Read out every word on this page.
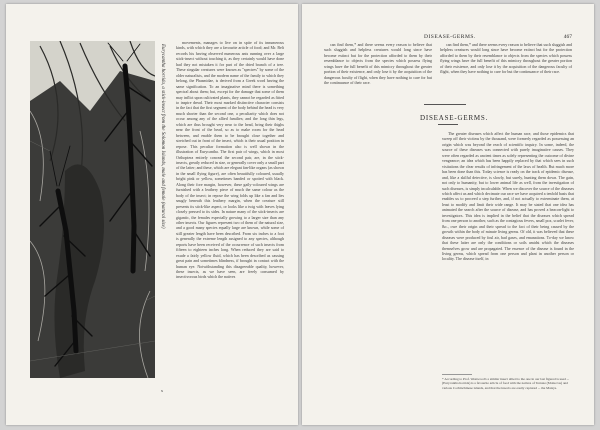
Eurycantha horrida, a stick-insect from the Solomon Islands, male and female (natural size)
x

movements, manages to live on in spite of its innumerous kinds, with which they are a favourite article of food; and Mr. Belt records his having observed numerous ants running over a large stick-insect without touching it, as they certainly would have done had they not mistaken it for part of the dried branch of a tree. These singular creatures were known as "spectres" by some of the older naturalists, and the modern name of the family to which they belong, the Phasmidae, is derived from a Greek word having the same signification. To an imaginative mind there is something spectral about them; but, except for the damage that some of them may inflict upon cultivated plants, they cannot be regarded as fitted to inspire dread. Their most marked distinctive character consists in the fact that the first segment of the body behind the head is very much shorter than the second one, a peculiarity which does not occur among any of the allied families; and the long thin legs, which are thus brought very near to the head, bring their thighs near the front of the head, so as to make room for the head between, and enable them to be brought close together and stretched out in front of the insect, which is their usual position in repose. This peculiar formation also is well shown in the illustration of Eurycantha. The first pair of wings, which in most Orthoptera entirely conceal the second pair, are, in the stick-insects, greatly reduced in size, or generally cover only a small part of the latter; and these, which are elegant fan-like organs (as shown in the small flying figure), are often beautifully coloured, usually bright pink or yellow, sometimes banded or spotted with black. Along their fore margin, however, these gaily-coloured wings are furnished with a leathery piece of much the same colour as the body of the insect; in repose the wing folds up like a fan and lies snugly beneath this leathery margin, when the creature still presents its stick-like aspect, or looks like a twig with leaves lying closely pressed to its sides. In nature many of the stick-insects are gigantic, the females especially growing to a larger size than any other insects. Our figures represent two of them of the natural size, and a good many species equally large are known, while some of still greater length have been described. From six inches to a foot is generally the extreme length assigned to any species, although reports have been received of the occurrence of such insects from fifteen to eighteen inches long. When reduced they are said to exude a fairly yellow fluid, which has been described as causing great pain and sometimes blindness, if brought in contact with the human eye. Notwithstanding this disagreeable quality, however, these insects, as we have seen, are freely consumed by insectivorous birds which the natives

DISEASE-GERMS.	467

can find them,* and there seems every reason to believe that such sluggish and helpless creatures would long since have become extinct but for the protection afforded to them by their resemblance to objects from the species which possess flying wings have the full benefit of this mimicry throughout the greater portion of their existence, and only lose it by the acquisition of the dangerous faculty of flight, when they have nothing to care for but the continuance of their race.

DISEASE-GERMS.

can find them,* and there seems every reason to believe that such sluggish and helpless creatures would long since have become extinct but for the protection afforded to them by their resemblance to objects from the species which possess flying wings have the full benefit of this mimicry throughout the greater portion of their existence, and only lose it by the acquisition of the dangerous faculty of flight, when they have nothing to care for but the continuance of their race.

The greater diseases which affect the human race, and those epidemics that sweep off their victims by the thousand, were formerly regarded as possessing an origin which was beyond the reach of scientific inquiry. In some, indeed, the source of these diseases was connected with purely imaginative causes. They were often regarded as ancient times as solely representing the outcome of divine vengeance; an idea which has been happily replaced by that which sees in such visitations the clear results of infringement of the laws of health. But much more has been done than this. Today science is ready on the track of epidemic disease, and, like a skilful detective, is slowly, but surely, hunting them down. The gain, not only to humanity, but to lower animal life as well, from the investigation of such diseases, is simply incalculable. When we discover the source of the diseases which affect us and which decimate our race we have acquired a tenfold basis that enables us to proceed a step further, and, if not actually to exterminate them, at least to modify and limit their wide range. It may be stated that one idea has animated the search after the source of disease, and has proved a beacon-light to investigators. This idea is implied in the belief that the diseases which spread from one person to another, such as the contagious fevers, small pox, scarlet fever, &c., owe their origin and their spread to the fact of their being caused by the growth within the body of minute living germs. Of old, it was believed that these diseases were produced by foul air, bad gases, and emanations. To-day we know that these latter are only the conditions or soils amidst which the diseases themselves grow and are propagated. The essence of the disease is found in the living germs, which spread from one person and plant in another person or locality. The disease itself, in

* According to Prof. Westwood's a similar insect allied to the one in our last figured is used ... (Eurycantha horrida) is a favourite article of food with the natives of Ternate (Moluccas) and various Cochinchinese islands, and that the insects are easily captured ... the Malays.
